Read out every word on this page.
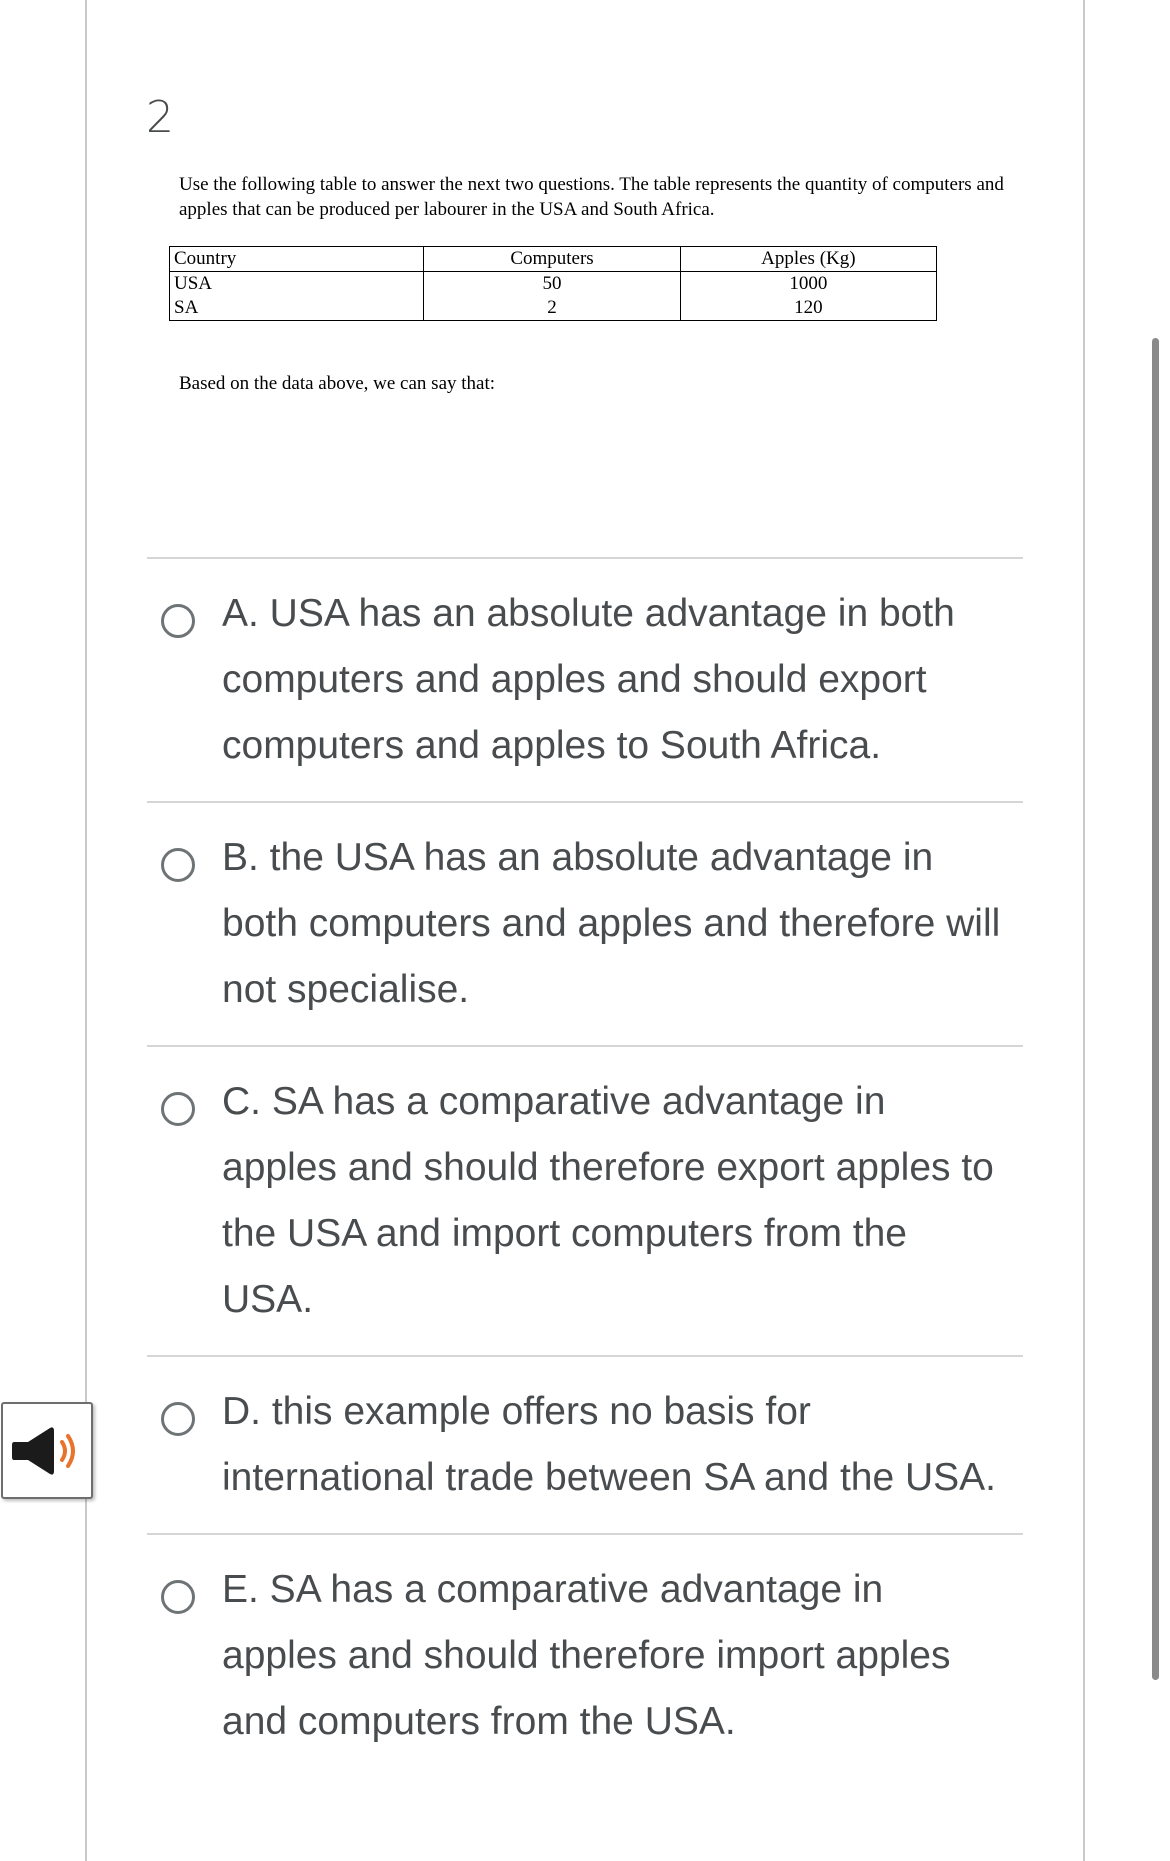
2
Use the following table to answer the next two questions. The table represents the quantity of computers and apples that can be produced per labourer in the USA and South Africa.
Country	Computers	Apples (Kg)
USA	50	1000
SA	2	120
Based on the data above, we can say that:
A. USA has an absolute advantage in both computers and apples and should export computers and apples to South Africa.
B. the USA has an absolute advantage in both computers and apples and therefore will not specialise.
C. SA has a comparative advantage in apples and should therefore export apples to the USA and import computers from the USA.
D. this example offers no basis for international trade between SA and the USA.
E. SA has a comparative advantage in apples and should therefore import apples and computers from the USA.
